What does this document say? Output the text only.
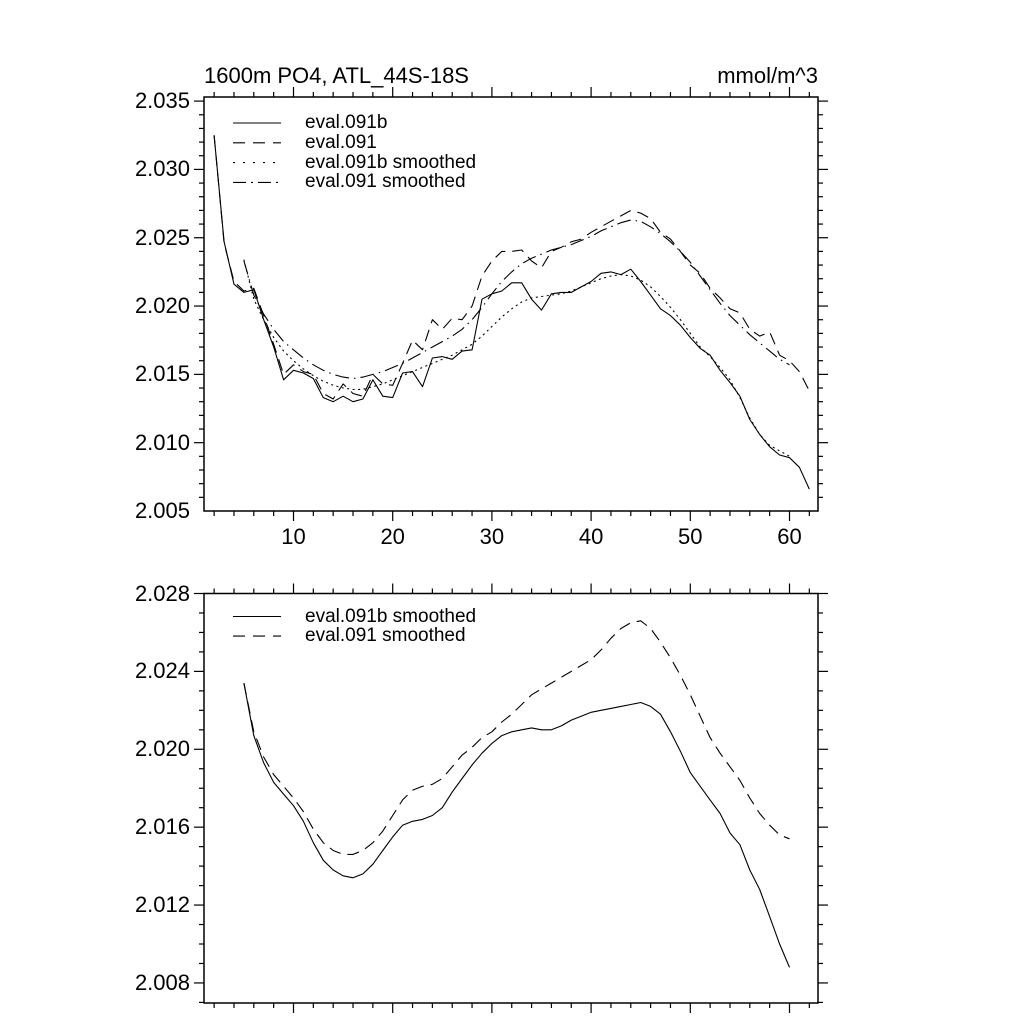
1600m PO4, ATL_44S-18S	mmol/m^3
2.005
2.010
2.015
2.020
2.025
2.030
2.035
10	20	30	40	50	60
eval.091b
eval.091
eval.091b smoothed
eval.091 smoothed
2.008
2.012
2.016
2.020
2.024
2.028
eval.091b smoothed
eval.091 smoothed
